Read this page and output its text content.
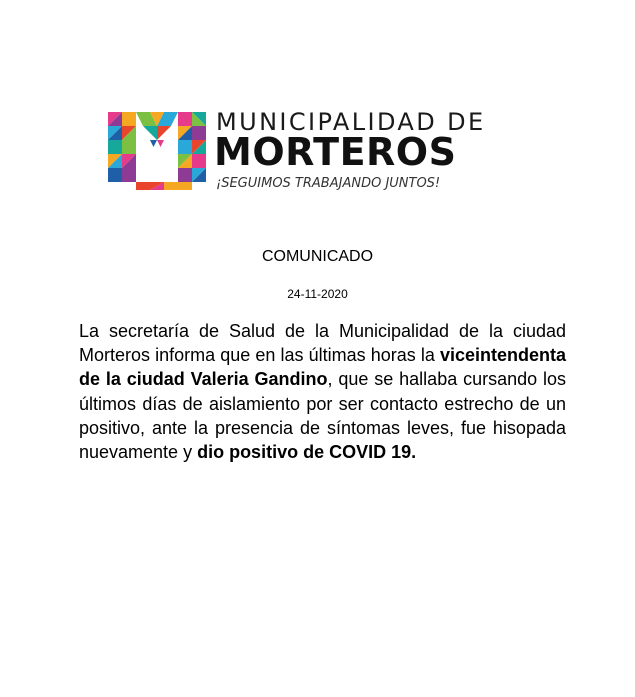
MUNICIPALIDAD DE
MORTEROS
¡SEGUIMOS TRABAJANDO JUNTOS!
COMUNICADO
24-11-2020
La secretaría de Salud de la Municipalidad de la ciudad Morteros informa que en las últimas horas la viceintendenta de la ciudad Valeria Gandino, que se hallaba cursando los últimos días de aislamiento por ser contacto estrecho de un positivo, ante la presencia de síntomas leves, fue hisopada nuevamente y dio positivo de COVID 19.
